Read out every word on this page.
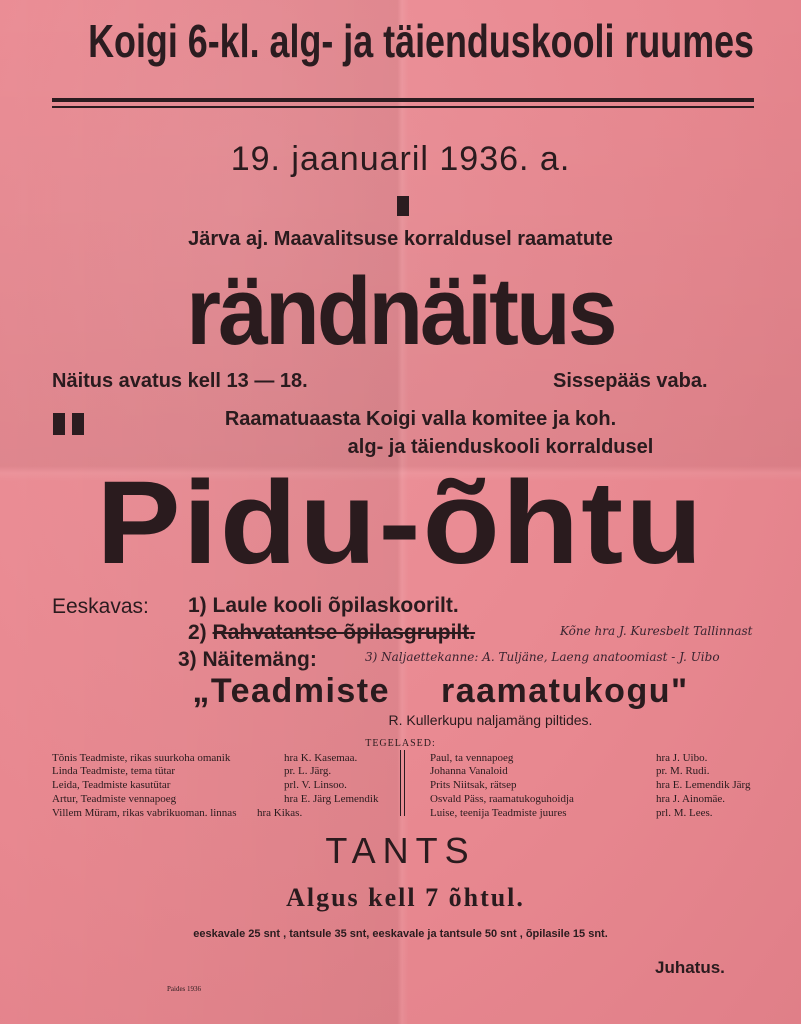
Koigi 6-kl. alg- ja täienduskooli ruumes
19. jaanuaril 1936. a.
Järva aj. Maavalitsuse korraldusel raamatute
rändnäitus
Näitus avatus kell 13 — 18.	Sissepääs vaba.
Raamatuaasta Koigi valla komitee ja koh.
alg- ja täienduskooli korraldusel
Pidu-õhtu
Eeskavas: 1) Laule kooli õpilaskoorilt.
2) Rahvatantse õpilasgrupilt.	Kõne hra J. Kuresbelt Tallinnast
3) Näitemäng:	3) Naljaettekanne: A. Tuljäne, Laeng anatoomiast - J. Uibo
„Teadmiste raamatukogu"
R. Kullerkupu naljamäng piltides.
TEGELASED:
Tõnis Teadmiste, rikas suurkoha omanik	hra K. Kasemaa.
Linda Teadmiste, tema tütar	pr. L. Järg.
Leida, Teadmiste kasutütar	prl. V. Linsoo.
Artur, Teadmiste vennapoeg	hra E. Järg Lemendik
Villem Müram, rikas vabrikuoman. linnas hra Kikas.
Paul, ta vennapoeg	hra J. Uibo.
Johanna Vanaloid	pr. M. Rudi.
Prits Niitsak, rätsep	hra E. Lemendik Järg
Osvald Päss, raamatukoguhoidja	hra J. Ainomäe.
Luise, teenija Teadmiste juures	prl. M. Lees.
TANTS
Algus kell 7 õhtul.
eeskavale 25 snt , tantsule 35 snt, eeskavale ja tantsule 50 snt , õpilasile 15 snt.
Juhatus.
Paides 1936
